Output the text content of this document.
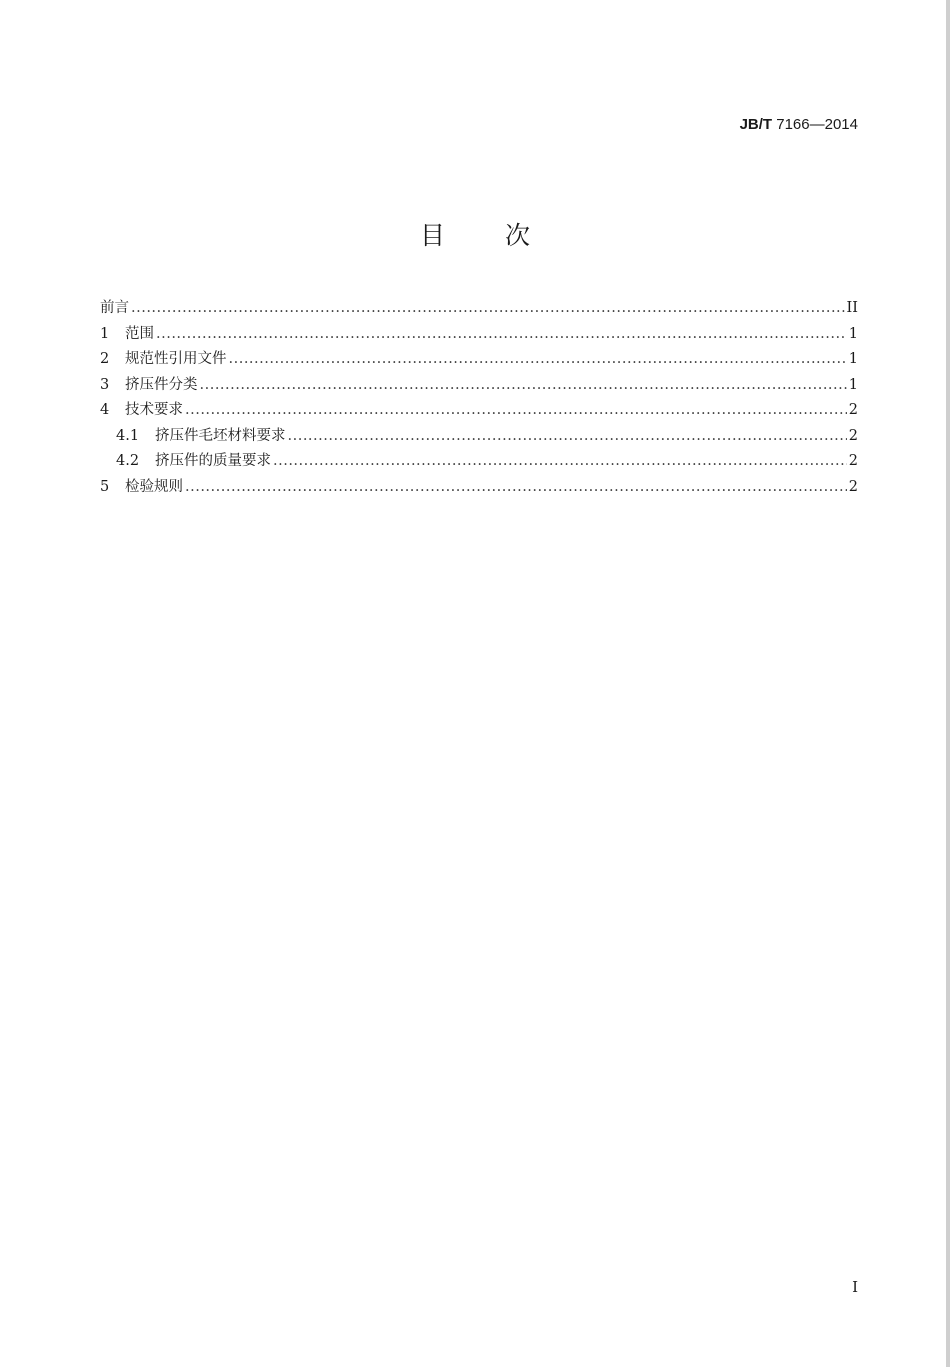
JB/T 7166—2014
目 次
前言 .....	II
1	范围 .....	1
2	规范性引用文件 .....	1
3	挤压件分类 .....	1
4	技术要求 .....	2
4.1	挤压件毛坯材料要求 .....	2
4.2	挤压件的质量要求 .....	2
5	检验规则 .....	2
I
